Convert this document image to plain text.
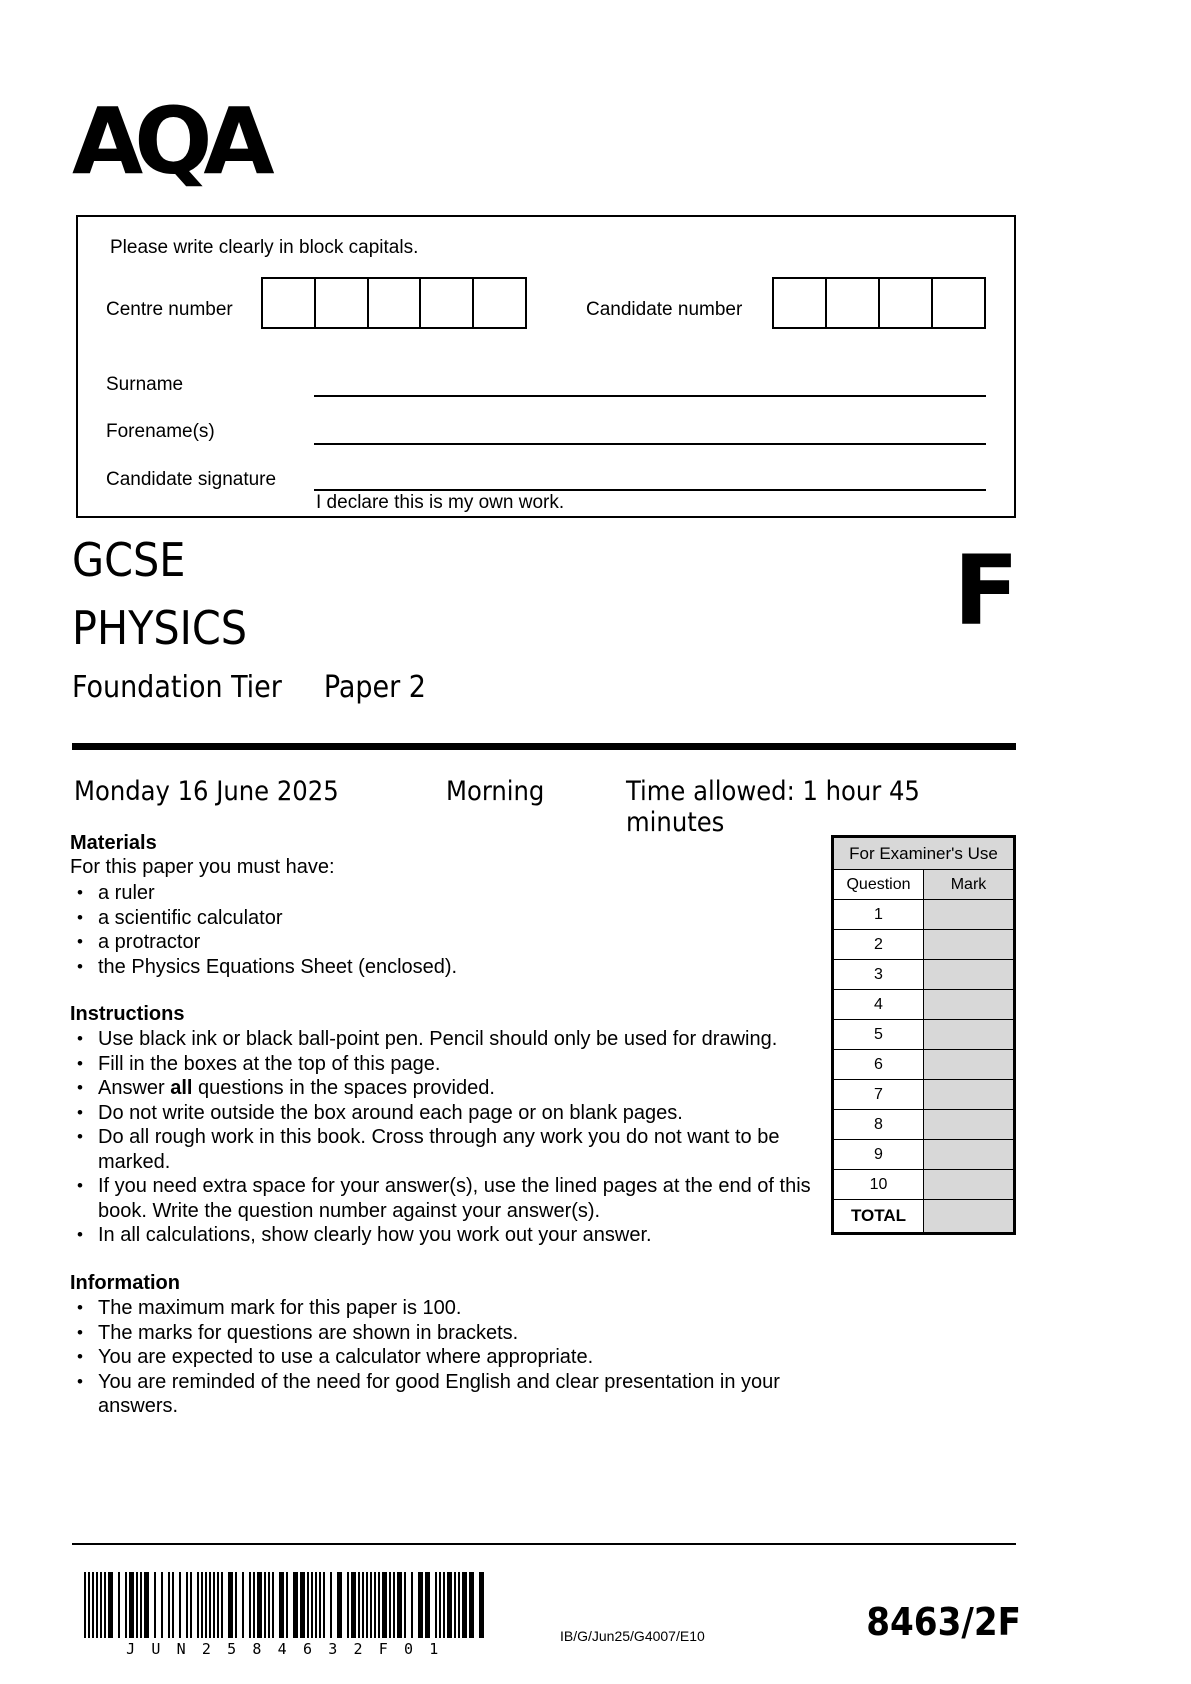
AQA
Please write clearly in block capitals.
Centre number	Candidate number
Surname
Forename(s)
Candidate signature
I declare this is my own work.
GCSE
PHYSICS
Foundation Tier Paper 2
F
Monday 16 June 2025	Morning	Time allowed: 1 hour 45 minutes
Materials
For this paper you must have:
• a ruler
• a scientific calculator
• a protractor
• the Physics Equations Sheet (enclosed).
Instructions
• Use black ink or black ball-point pen. Pencil should only be used for drawing.
• Fill in the boxes at the top of this page.
• Answer all questions in the spaces provided.
• Do not write outside the box around each page or on blank pages.
• Do all rough work in this book. Cross through any work you do not want to be marked.
• If you need extra space for your answer(s), use the lined pages at the end of this book. Write the question number against your answer(s).
• In all calculations, show clearly how you work out your answer.
Information
• The maximum mark for this paper is 100.
• The marks for questions are shown in brackets.
• You are expected to use a calculator where appropriate.
• You are reminded of the need for good English and clear presentation in your answers.
For Examiner's Use	
Question	Mark
1	
2	
3	
4	
5	
6	
7	
8	
9	
10	
TOTAL	
J U N 2 5 8 4 6 3 2 F 0 1
IB/G/Jun25/G4007/E10	8463/2F
